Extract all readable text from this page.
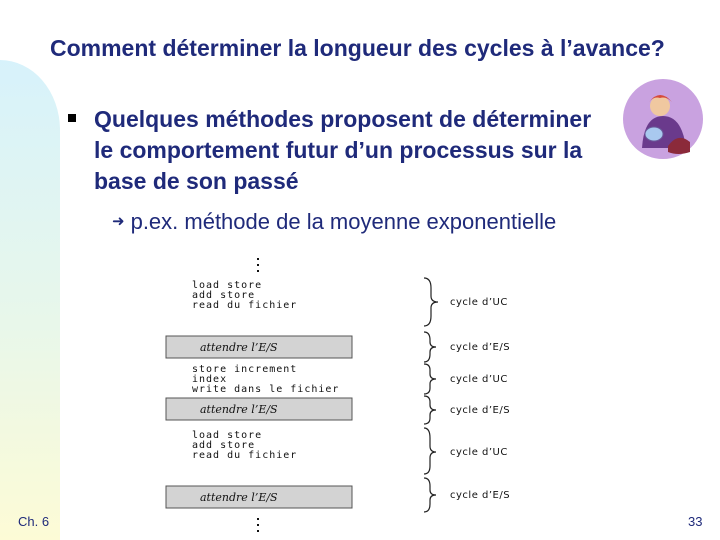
Comment déterminer la longueur des cycles à l’avance?
Quelques méthodes proposent de déterminer le comportement futur d’un processus sur la base de son passé
➜ p.ex. méthode de la moyenne exponentielle
load store
add store
read du fichier
attendre l’E/S
store increment
index
write dans le fichier
attendre l’E/S
load store
add store
read du fichier
attendre l’E/S
cycle d’UC
cycle d’E/S
cycle d’UC
cycle d’E/S
cycle d’UC
cycle d’E/S
Ch. 6	33
